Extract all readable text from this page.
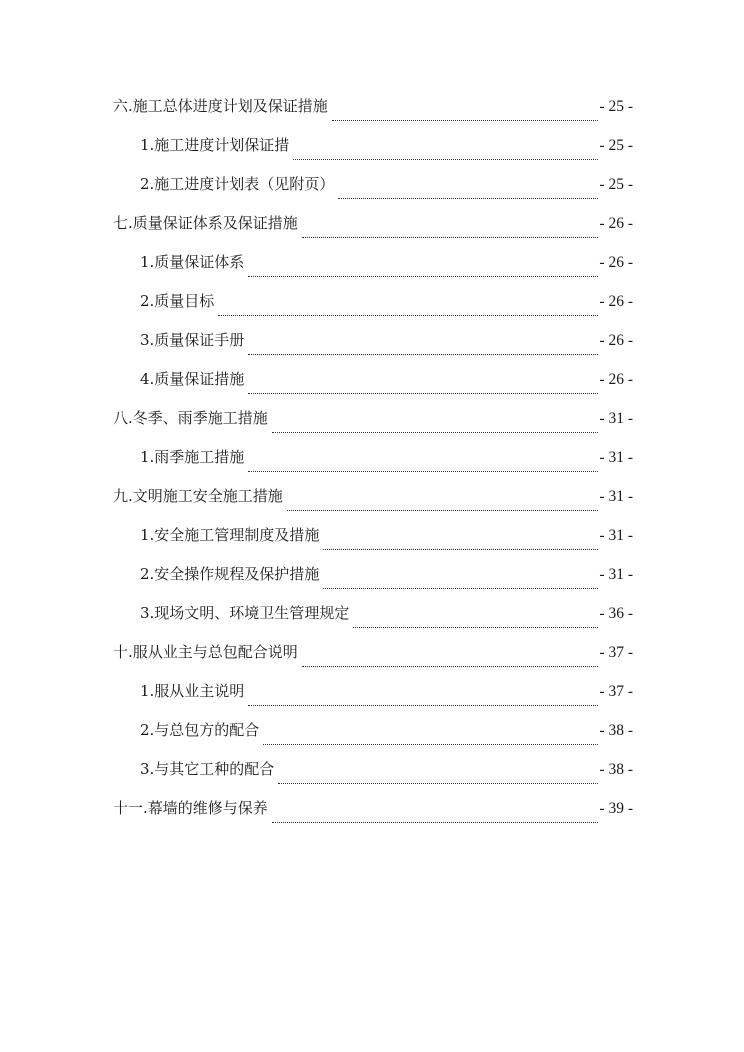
六.施工总体进度计划及保证措施	- 25 -
1.施工进度计划保证措	- 25 -
2.施工进度计划表（见附页）	- 25 -
七.质量保证体系及保证措施	- 26 -
1.质量保证体系	- 26 -
2.质量目标	- 26 -
3.质量保证手册	- 26 -
4.质量保证措施	- 26 -
八.冬季、雨季施工措施	- 31 -
1.雨季施工措施	- 31 -
九.文明施工安全施工措施	- 31 -
1.安全施工管理制度及措施	- 31 -
2.安全操作规程及保护措施	- 31 -
3.现场文明、环境卫生管理规定	- 36 -
十.服从业主与总包配合说明	- 37 -
1.服从业主说明	- 37 -
2.与总包方的配合	- 38 -
3.与其它工种的配合	- 38 -
十一.幕墙的维修与保养	- 39 -
